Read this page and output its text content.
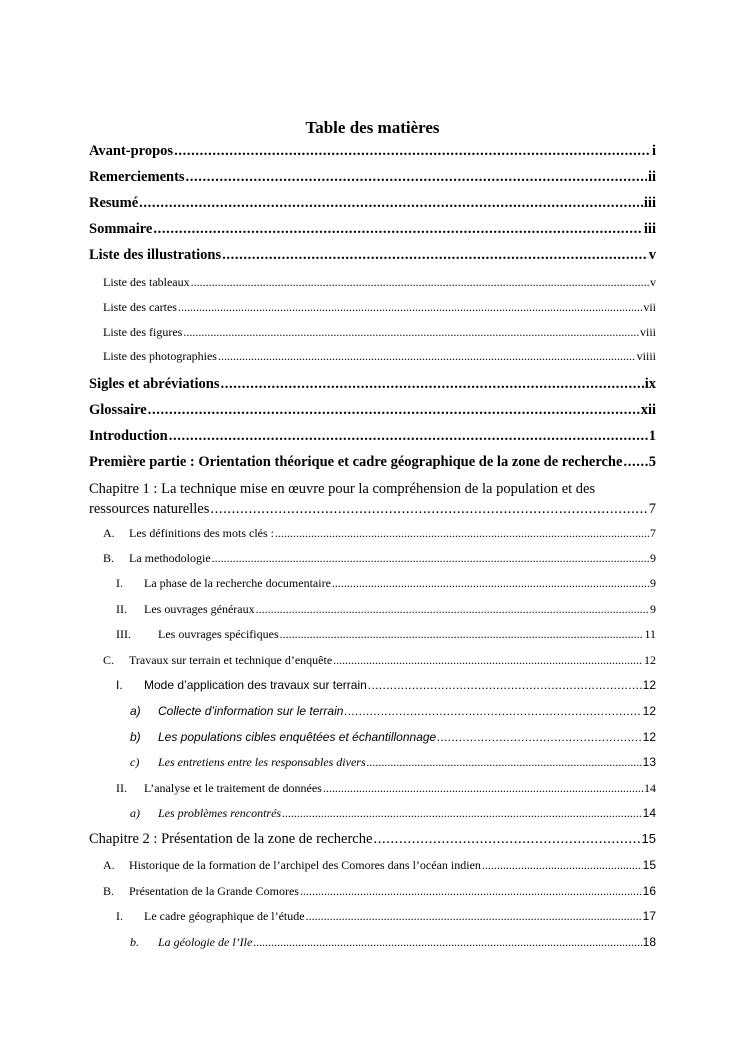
Table des matières
Avant-propos . . .	i
Remerciements . . .	ii
Resumé . . .	.iii
Sommaire . . .	iii
Liste des illustrations . . .	v
Liste des tableaux . . .	v
Liste des cartes . . .	vii
Liste des figures . . .	viii
Liste des photographies . . .	viiii
Sigles et abréviations . . .	ix
Glossaire . . .	xii
Introduction . . .	1
Première partie : Orientation théorique et cadre géographique de la zone de recherche . . . 5
Chapitre 1 : La technique mise en œuvre pour la compréhension de la population et des
ressources naturelles . . .	7
A.	Les définitions des mots clés : . . .	7
B.	La methodologie . . .	9
I.	La phase de la recherche documentaire . . .	9
II.	Les ouvrages généraux . . .	9
III.	Les ouvrages spécifiques . . .	11
C.	Travaux sur terrain et technique d’enquête . . .	12
I.	Mode d’application des travaux sur terrain . . .	12
a)	Collecte d’information sur le terrain . . .	12
b)	Les populations cibles enquêtées et échantillonnage . . .	12
c)	Les entretiens entre les responsables divers . . .	13
II.	L’analyse et le traitement de données . . .	14
a)	Les problèmes rencontrés . . .	14
Chapitre 2 : Présentation de la zone de recherche . . .	15
A.	Historique de la formation de l’archipel des Comores dans l’océan indien . . .	15
B.	Présentation de la Grande Comores . . .	16
I.	Le cadre géographique de l’étude . . .	17
b.	La géologie de l’Ile . . .	18
